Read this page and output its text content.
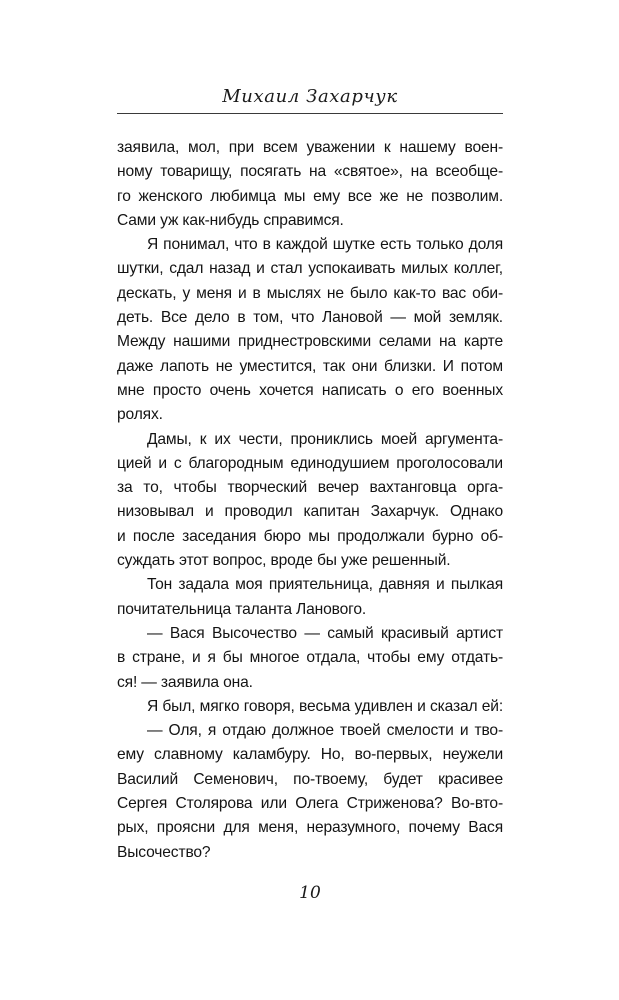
Михаил Захарчук
заявила, мол, при всем уважении к нашему воен-
ному товарищу, посягать на «святое», на всеобще-
го женского любимца мы ему все же не позволим.
Сами уж как-нибудь справимся.
Я понимал, что в каждой шутке есть только доля
шутки, сдал назад и стал успокаивать милых коллег,
дескать, у меня и в мыслях не было как-то вас оби-
деть. Все дело в том, что Лановой — мой земляк.
Между нашими приднестровскими селами на карте
даже лапоть не уместится, так они близки. И потом
мне просто очень хочется написать о его военных
ролях.
Дамы, к их чести, прониклись моей аргумента-
цией и с благородным единодушием проголосовали
за то, чтобы творческий вечер вахтанговца орга-
низовывал и проводил капитан Захарчук. Однако
и после заседания бюро мы продолжали бурно об-
суждать этот вопрос, вроде бы уже решенный.
Тон задала моя приятельница, давняя и пылкая
почитательница таланта Ланового.
— Вася Высочество — самый красивый артист
в стране, и я бы многое отдала, чтобы ему отдать-
ся! — заявила она.
Я был, мягко говоря, весьма удивлен и сказал ей:
— Оля, я отдаю должное твоей смелости и тво-
ему славному каламбуру. Но, во-первых, неужели
Василий Семенович, по-твоему, будет красивее
Сергея Столярова или Олега Стриженова? Во-вто-
рых, проясни для меня, неразумного, почему Вася
Высочество?
10
